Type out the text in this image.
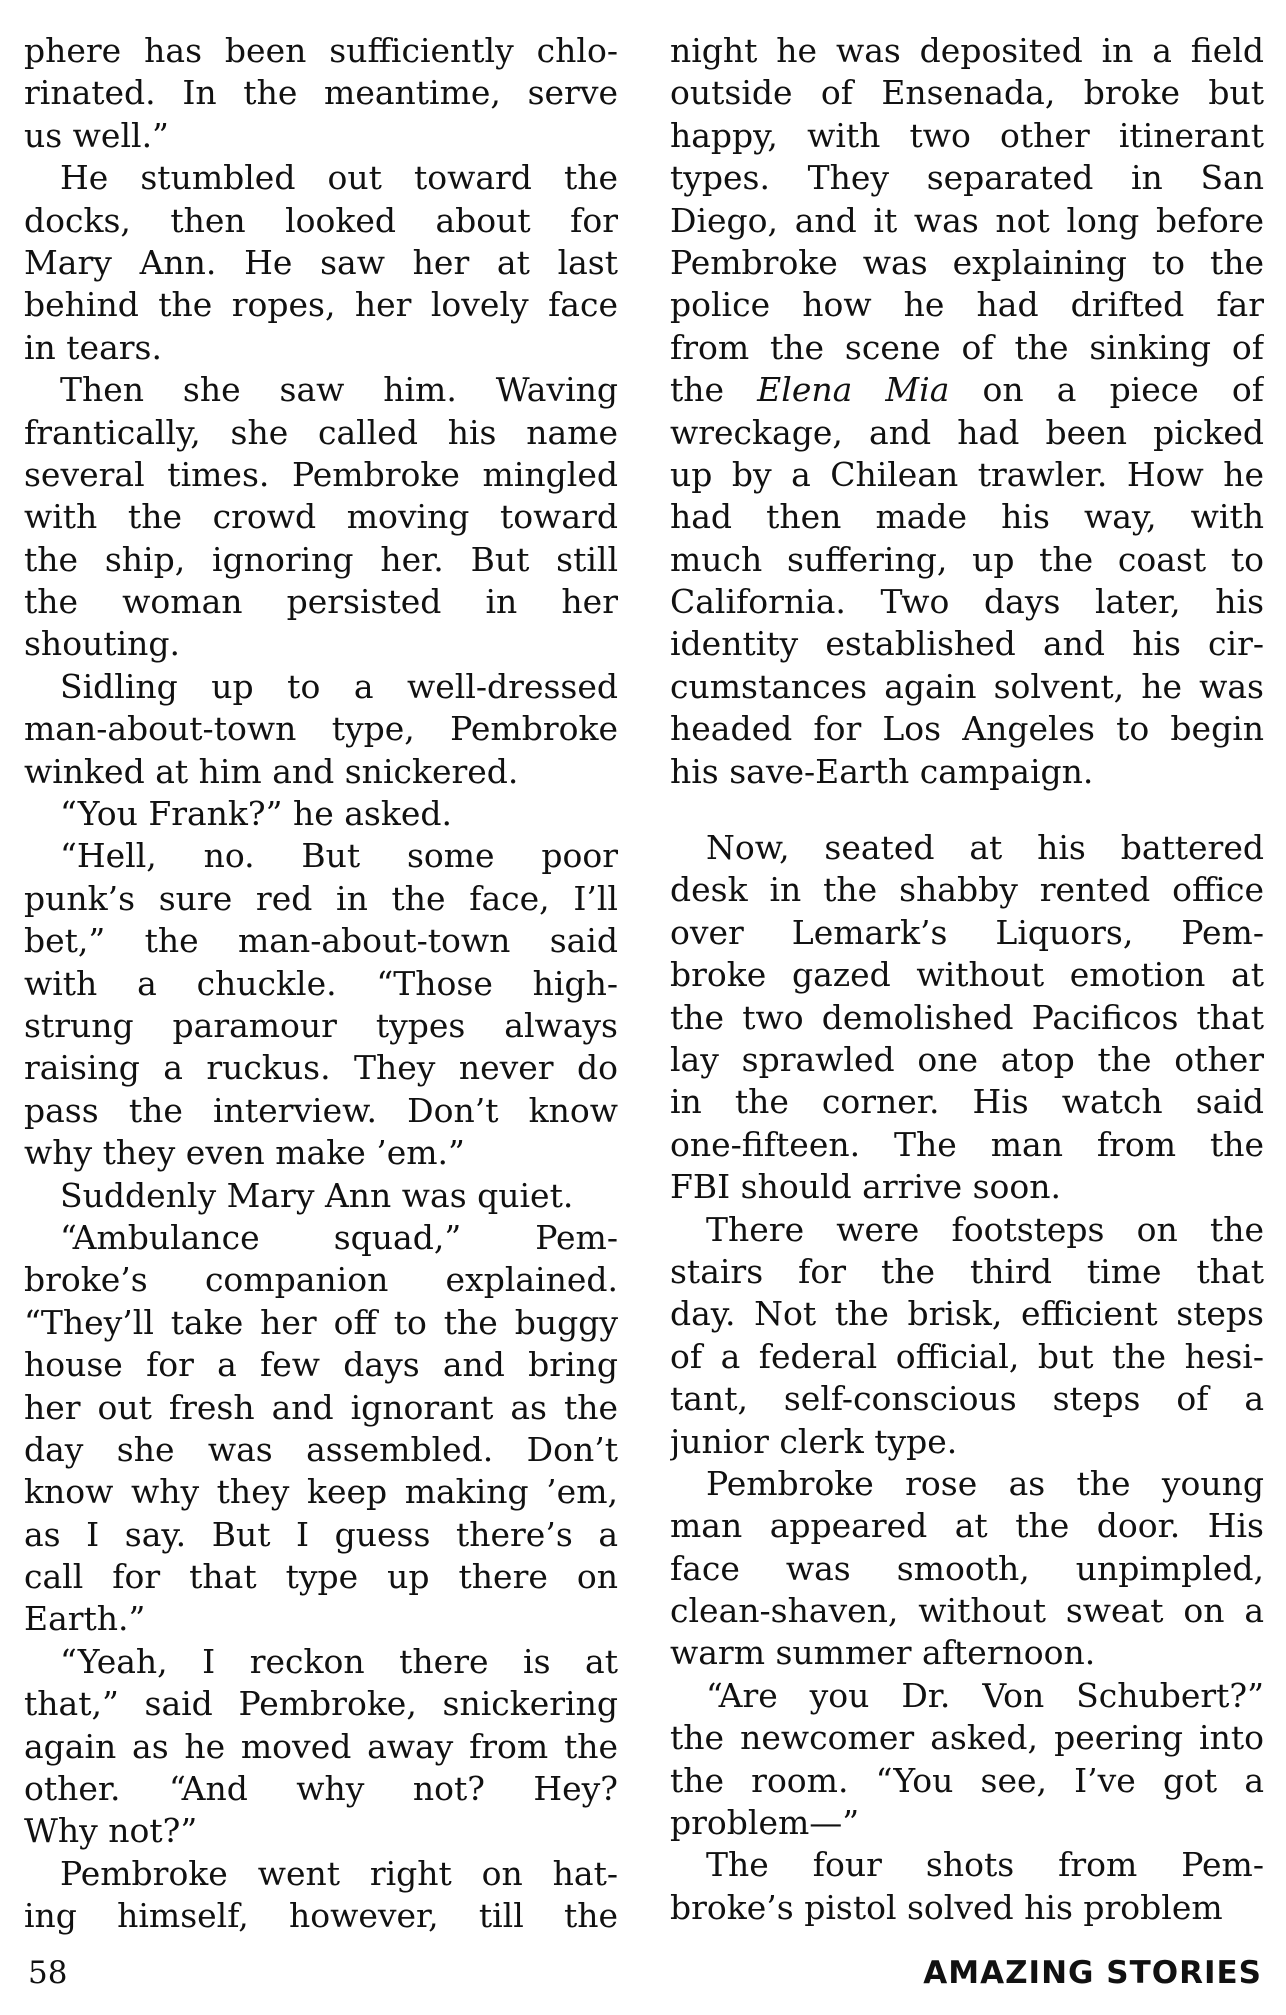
phere has been sufficiently chlo-
rinated. In the meantime, serve
us well.”
He stumbled out toward the
docks, then looked about for
Mary Ann. He saw her at last
behind the ropes, her lovely face
in tears.
Then she saw him. Waving
frantically, she called his name
several times. Pembroke mingled
with the crowd moving toward
the ship, ignoring her. But still
the woman persisted in her
shouting.
Sidling up to a well-dressed
man-about-town type, Pembroke
winked at him and snickered.
“You Frank?” he asked.
“Hell, no. But some poor
punk’s sure red in the face, I’ll
bet,” the man-about-town said
with a chuckle. “Those high-
strung paramour types always
raising a ruckus. They never do
pass the interview. Don’t know
why they even make ’em.”
Suddenly Mary Ann was quiet.
“Ambulance squad,” Pem-
broke’s companion explained.
“They’ll take her off to the buggy
house for a few days and bring
her out fresh and ignorant as the
day she was assembled. Don’t
know why they keep making ’em,
as I say. But I guess there’s a
call for that type up there on
Earth.”
“Yeah, I reckon there is at
that,” said Pembroke, snickering
again as he moved away from the
other. “And why not? Hey?
Why not?”
Pembroke went right on hat-
ing himself, however, till the
night he was deposited in a field
outside of Ensenada, broke but
happy, with two other itinerant
types. They separated in San
Diego, and it was not long before
Pembroke was explaining to the
police how he had drifted far
from the scene of the sinking of
the Elena Mia on a piece of
wreckage, and had been picked
up by a Chilean trawler. How he
had then made his way, with
much suffering, up the coast to
California. Two days later, his
identity established and his cir-
cumstances again solvent, he was
headed for Los Angeles to begin
his save-Earth campaign.
Now, seated at his battered
desk in the shabby rented office
over Lemark’s Liquors, Pem-
broke gazed without emotion at
the two demolished Pacificos that
lay sprawled one atop the other
in the corner. His watch said
one-fifteen. The man from the
FBI should arrive soon.
There were footsteps on the
stairs for the third time that
day. Not the brisk, efficient steps
of a federal official, but the hesi-
tant, self-conscious steps of a
junior clerk type.
Pembroke rose as the young
man appeared at the door. His
face was smooth, unpimpled,
clean-shaven, without sweat on a
warm summer afternoon.
“Are you Dr. Von Schubert?”
the newcomer asked, peering into
the room. “You see, I’ve got a
problem—”
The four shots from Pem-
broke’s pistol solved his problem
58	AMAZING STORIES
